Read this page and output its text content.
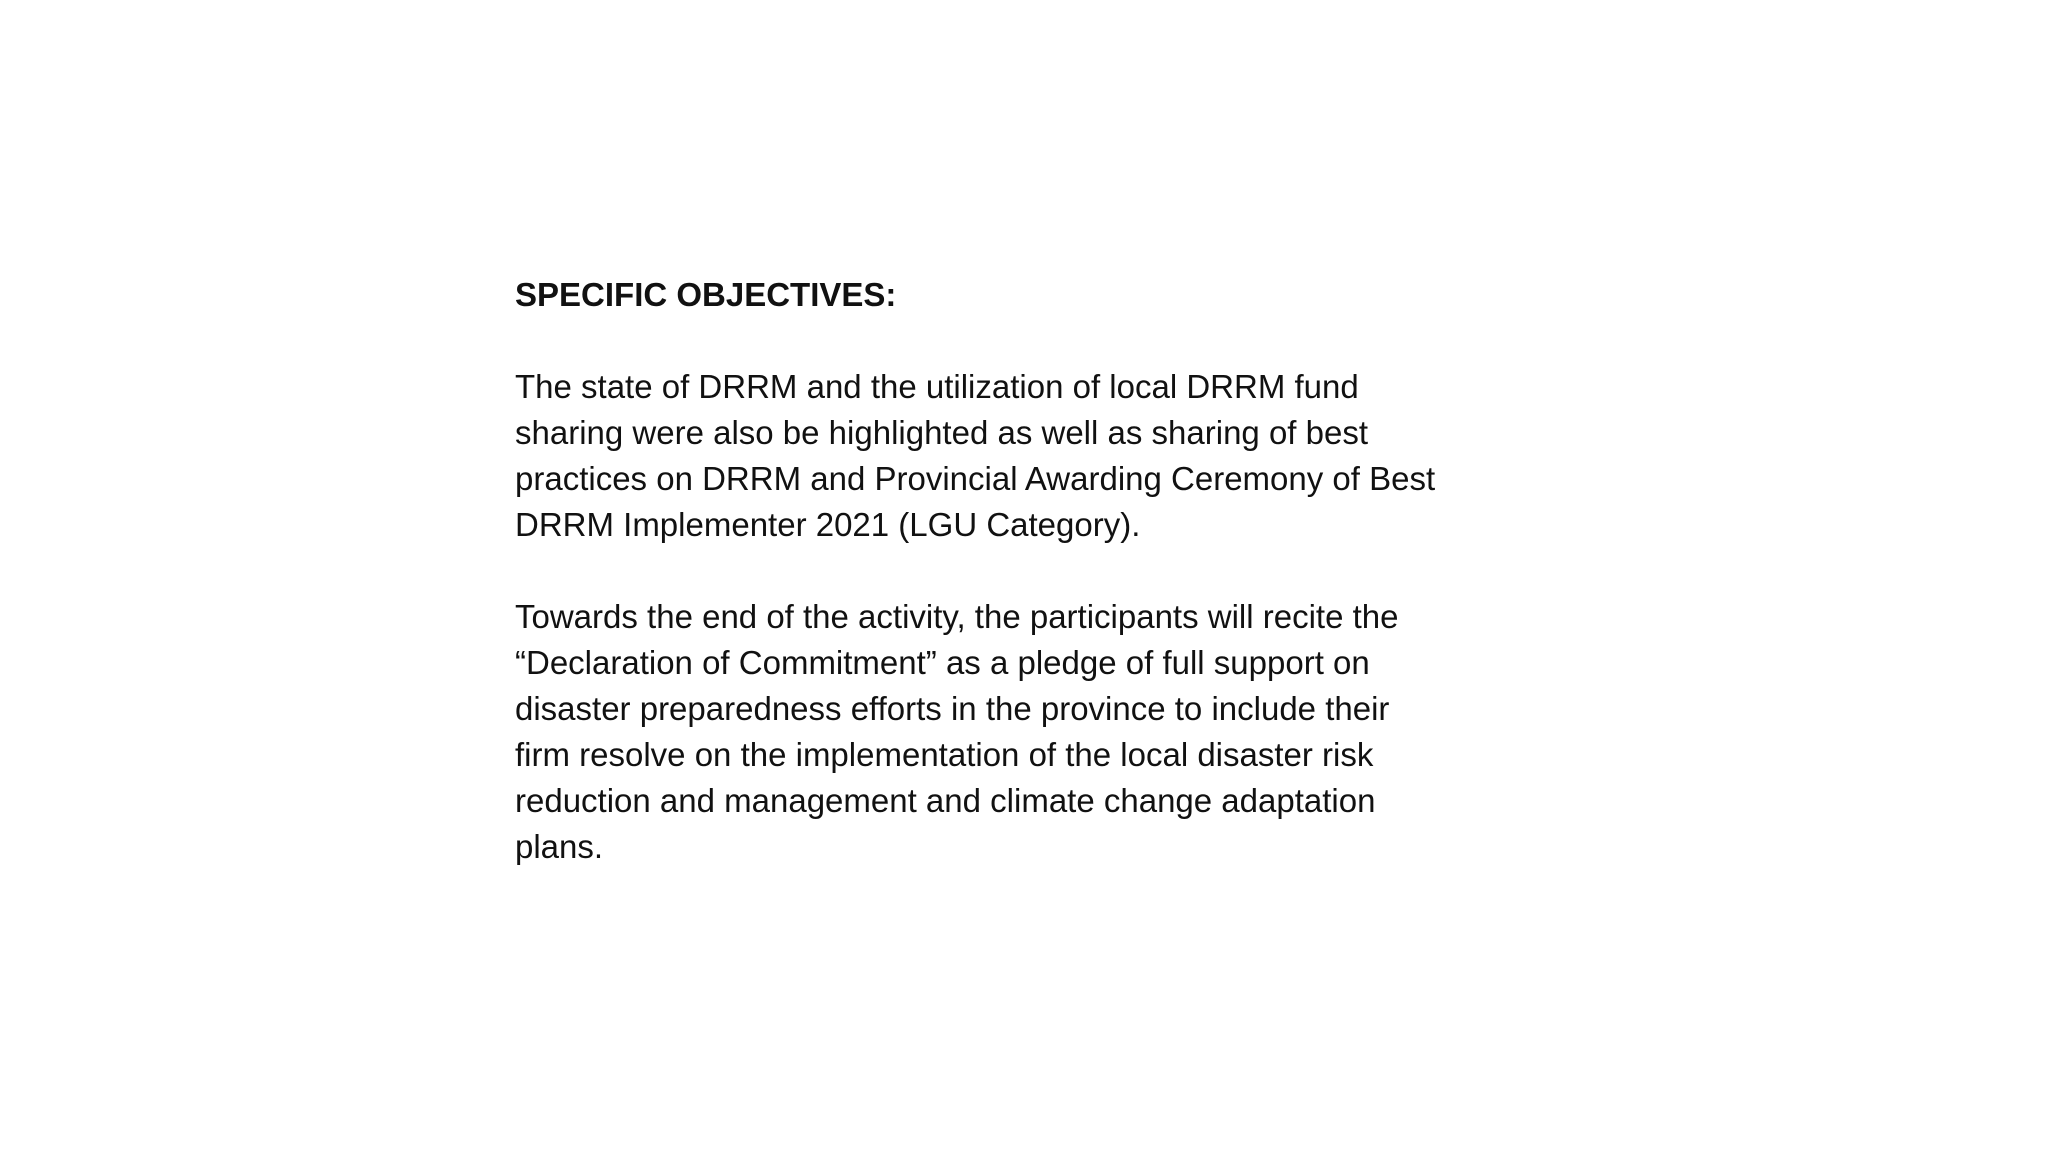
SPECIFIC OBJECTIVES:
The state of DRRM and the utilization of local DRRM fund
sharing were also be highlighted as well as sharing of best
practices on DRRM and Provincial Awarding Ceremony of Best
DRRM Implementer 2021 (LGU Category).
Towards the end of the activity, the participants will recite the
“Declaration of Commitment” as a pledge of full support on
disaster preparedness efforts in the province to include their
firm resolve on the implementation of the local disaster risk
reduction and management and climate change adaptation
plans.
